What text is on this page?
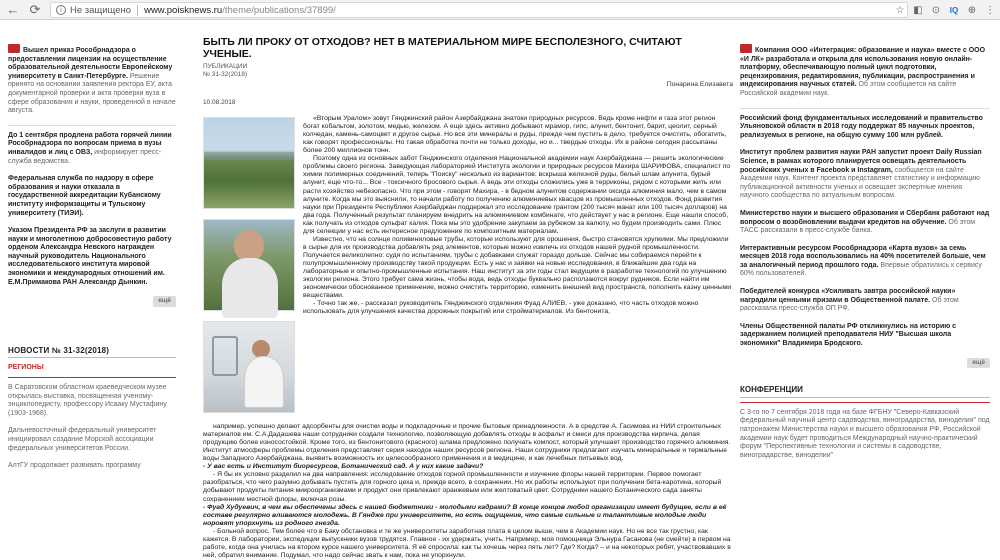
← ⟳	i Не защищено	www.poisknews.ru /theme/publications/37899/	☆ ◧ ⊙ IQ ⊕ ⋮
Вышел приказ Рособрнадзора о предоставлении лицензии на осуществление образовательной деятельности Европейскому университету в Санкт-Петербурге. Решение принято на основании заявления ректора ЕУ, акта документарной проверки и акта проверки вуза в сфере образования и науки, проведенной в начале августа.
До 1 сентября продлена работа горячей линии Рособрнадзора по вопросам приема в вузы инвалидов и лиц с ОВЗ, информирует пресс-служба ведомства.
Федеральная служба по надзору в сфере образования и науки отказала в государственной аккредитации Кубанскому институту информзащиты и Тульскому университету (ТИЭИ).
Указом Президента РФ за заслуги в развитии науки и многолетнюю добросовестную работу орденом Александра Невского награжден научный руководитель Национального исследовательского института мировой экономики и международных отношений им. Е.М.Примакова РАН Александр Дынкин.
ещё
НОВОСТИ № 31-32(2018)
РЕГИОНЫ
В Саратовском областном краеведческом музее открылась выставка, посвященная ученому-энциклопедисту, профессору Исааку Мустафину (1903-1968).
Дальневосточный федеральный университет инициировал создание Морской ассоциации федеральных университетов России.
АлтГУ продолжает развивать программу
БЫТЬ ЛИ ПРОКУ ОТ ОТХОДОВ? НЕТ В МАТЕРИАЛЬНОМ МИРЕ БЕСПОЛЕЗНОГО, СЧИТАЮТ УЧЕНЫЕ.
ПУБЛИКАЦИИ
№ 31-32(2018)
Понарина Елизавета
10.08.2018

«Вторым Уралом» зовут Гянджинский район Азербайджана знатоки природных ресурсов. Ведь кроме нефти и газа этот регион богат кобальтом, золотом, медью, железом. А еще здесь активно добывают мрамор, гипс, алунит, бентонит, барит, цеолит, серный колчедан, камень-самоцвет и другое сырье. Но все эти минералы и руды, прежде чем пустить в дело, требуется очистить, обогатить, как говорят профессионалы. Но такая обработка почти не только доходы, но и... твердые отходы. Их в районе сегодня рассыпаны более 200 миллионов тонн.

Поэтому одна из основных забот Гянджинского отделения Национальной академии наук Азербайджана — решить экологические проблемы своего региона. Заведующая лабораторией Института экологии и природных ресурсов Махира ШАРИФОВА, специалист по химии полимерных соединений, теперь "Поиску" несколько из вариантов: вскрыша железной руды, белый шлам алунита, бурый алунит, еще что-то... Все - токсичного бросового сырья. А ведь эти отходы сложились уже в терриконы, рядом с которыми жить или расти хозяйство небезопасно. Что при этом - говорят Махира, - в бедном алунитом содержании оксида алюминия мало, чем в самом алуните. Когда мы это выяснили, то начали работу по получению алюминиевых квасцов из промышленных отходов. Фонд развития науки при Президенте Республики Азербайджан поддержал это исследование грантом (200 тысяч манат или 100 тысяч долларов) на два года. Полученный результат планируем внедрить на алюминиевом комбинате, что действует у нас в регионе. Еще нашли способ, как получать из отходов сульфат калия. Пока мы это удобрение закупаем за рубежом за валюту, но будем производить сами. Плюс для селекции у нас есть интересное предложение по композитным материалам.

Известно, что на солнце поливиниловые трубы, которые используют для орошения, быстро становятся хрупкими. Мы предложили в сырье для их производства добавлять ряд элементов, которые можно извлечь из отходов нашей рудной промышленности. Получается великолепно: судя по испытаниям, трубы с добавками служат гораздо дольше. Сейчас мы собираемся перейти к полупромышленному производству такой продукции. Есть у нас и заявки на новые исследования, в ближайшие два года на лабораторные и опытно-промышленные испытания. Наш институт за эти годы стал ведущим в разработке технологий по улучшению экологии региона. Этого требует сама жизнь, чтобы вода, ведь отходы буквально расползаются вокруг рудников. Если найти им экономически обоснованное применение, можно очистить территорию, изменить внешний вид пространств, пополнить казну ценными веществами.

- Точно так же, - рассказал руководитель Гянджинского отделения Фуад АЛИЕВ, - уже доказано, что часть отходов можно использовать для улучшения качества дорожных покрытий или стройматериалов. Из бентонита,

например, успешно делают адсорбенты для очистки воды и подкладочные и прочие бытовые принадлежности. А в средстве А. Гасимова из НИИ строительных материалов им. С.А.Дадашева наши сотрудники создали технологию, позволяющую добавлять отходы в асфальт и смеси для производства кирпича, делая продукцию более износостойкой. Кроме того, из бентонитового (красного) шлама предложено получать компост, который улучшает производство горячего алюминия. Институт атмосферы проблемы отделения представляет серия находок наших ресурсов региона. Наши сотрудники предлагают изучать минеральные и термальные воды Западного Азербайджана, выявить возможность их целесообразного применения и в медицине, и как лечебных питьевых вод.

- У вас есть и Институт биоресурсов, Ботанический сад. А у них какие задачи?

- Я бы их условно разделил на два направления: исследование отходов горной промышленности и изучение флоры нашей территории. Первое помогает разобраться, что чего разумно добывать пустить для горного цеха и, прежде всего, в сохранении. Но их работы используют при получении бета-каротина, который добывают продукты питания микроорганизмами и продукт они привлекают оранжевым или желтоватый цвет. Сотрудники нашего Ботанического сада заняты сохранением местной флоры, включая розы.

- Фуад Худуевич, в чем вы обеспечены здесь с нашей бюджетники - молодыми кадрами? В конце концов любой организации имеет будущее, если в её составе регулярно вливаются молодежь. В Гяндже при университете, но есть ощущение, что самые сильные и талантливые молодые люди норовят упорхнуть из родного гнезда.

- Больной вопрос. Тем более что в Баку обстановка и те же университеты заработная плата в целом выше, чем в Академии наук. Но не все так грустно, как кажется. В лаборатории, экспедиции выпускники вузов трудятся. Главное - их удержать, учить. Например, моя помощница Эльнура Гасанова (не смейте) в первом на работе, когда она училась на втором курсе нашего университета. Я её спросила: как ты хочешь через пять лет? Где? Когда? – и на некоторых ребят, участвовавших в ней, обратил внимание. Подумал, что надо сейчас звать к нам, пока не упорхнули.

Компания ООО «Интеграция: образование и наука» вместе с ООО «И ЛК» разработала и открыла для использования новую онлайн-платформу, обеспечивающую полный цикл подготовки, рецензирования, редактирования, публикации, распространения и индексирования научных статей. Об этом сообщается на сайте Российской академии наук.
Российский фонд фундаментальных исследований и правительство Ульяновской области в 2018 году поддержат 85 научных проектов, реализуемых в регионе, на общую сумму 100 млн рублей.
Институт проблем развития науки РАН запустит проект Daily Russian Science, в рамках которого планируется освещать деятельность российских ученых в Facebook и Instagram, сообщается на сайте Академии наук. Контент проекта представляет статистику и информацию публикационной активности ученых и освещает экспертные мнения научного сообщества по актуальным вопросам.
Министерство науки и высшего образования и Сбербанк работают над вопросом о возобновлении выдачи кредитов на обучение. Об этом ТАСС рассказали в пресс-службе банка.
Интерактивным ресурсом Рособрнадзора «Карта вузов» за семь месяцев 2018 года воспользовались на 40% посетителей больше, чем за аналогичный период прошлого года. Впервые обратились к сервису 60% пользователей.
Победителей конкурса «Усиливать завтра российской науки» наградили ценными призами в Общественной палате. Об этом рассказала пресс-служба ОП РФ.
Члены Общественной палаты РФ откликнулись на историю с задержанием полицией преподавателя НИУ "Высшая школа экономики" Владимира Бродского.
ещё
КОНФЕРЕНЦИИ
С 3-го по 7 сентября 2018 года на базе ФГБНУ "Северо-Кавказский федеральный научный центр садоводства, виноградарства, виноделия" под патронажем Министерства науки и высшего образования РФ, Российской академии наук будет проводиться Международный научно-практический форум "Перспективные технологии и системы в садоводстве, виноградарстве, виноделии"
